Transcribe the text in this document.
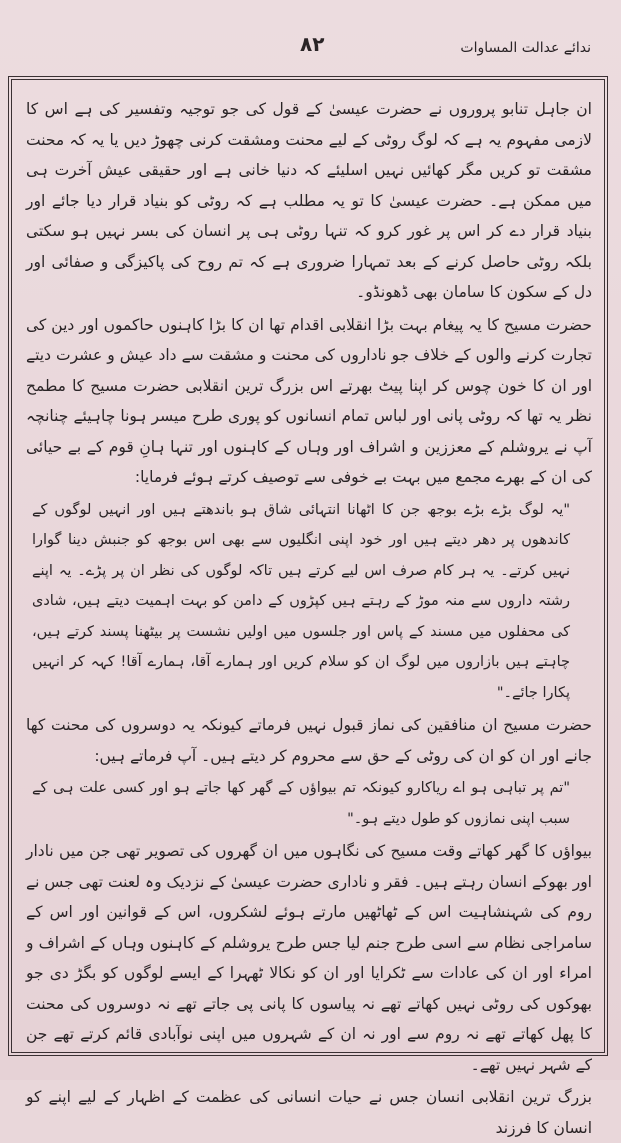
۸۲	ندائے عدالت المساوات

ان جاہل تنابو پروروں نے حضرت عیسیٰ کے قول کی جو توجیہ وتفسیر کی ہے اس کا لازمی مفہوم یہ ہے کہ لوگ روٹی کے لیے محنت ومشقت کرنی چھوڑ دیں یا یہ کہ محنت مشقت تو کریں مگر کھائیں نہیں اسلیئے کہ دنیا خانی ہے اور حقیقی عیش آخرت ہی میں ممکن ہے۔ حضرت عیسیٰ کا تو یہ مطلب ہے کہ روٹی کو بنیاد قرار دیا جائے اور بنیاد قرار دے کر اس پر غور کرو کہ تنہا روٹی ہی پر انسان کی بسر نہیں ہو سکتی بلکہ روٹی حاصل کرنے کے بعد تمہارا ضروری ہے کہ تم روح کی پاکیزگی و صفائی اور دل کے سکون کا سامان بھی ڈھونڈو۔

حضرت مسیح کا یہ پیغام بہت بڑا انقلابی اقدام تھا ان کا بڑا کاہنوں حاکموں اور دین کی تجارت کرنے والوں کے خلاف جو ناداروں کی محنت و مشقت سے داد عیش و عشرت دیتے اور ان کا خون چوس کر اپنا پیٹ بھرتے اس بزرگ ترین انقلابی حضرت مسیح کا مطمح نظر یہ تھا کہ روٹی پانی اور لباس تمام انسانوں کو پوری طرح میسر ہونا چاہیئے چنانچہ آپ نے یروشلم کے معززین و اشراف اور وہاں کے کاہنوں اور تنہا ہانِ قوم کے بے حیائی کی ان کے بھرے مجمع میں بہت بے خوفی سے توصیف کرتے ہوئے فرمایا:

"یہ لوگ بڑے بڑے بوجھ جن کا اٹھانا انتہائی شاق ہو باندھتے ہیں اور انہیں لوگوں کے کاندھوں پر دھر دیتے ہیں اور خود اپنی انگلیوں سے بھی اس بوجھ کو جنبش دینا گوارا نہیں کرتے۔ یہ ہر کام صرف اس لیے کرتے ہیں تاکہ لوگوں کی نظر ان پر پڑے۔ یہ اپنے رشتہ داروں سے منہ موڑ کے رہتے ہیں کپڑوں کے دامن کو بہت اہمیت دیتے ہیں، شادی کی محفلوں میں مسند کے پاس اور جلسوں میں اولیں نشست پر بیٹھنا پسند کرتے ہیں، چاہتے ہیں بازاروں میں لوگ ان کو سلام کریں اور ہمارے آقا، ہمارے آقا! کہہ کر انہیں پکارا جائے۔"

حضرت مسیح ان منافقین کی نماز قبول نہیں فرماتے کیونکہ یہ دوسروں کی محنت کھا جانے اور ان کو ان کی روٹی کے حق سے محروم کر دیتے ہیں۔ آپ فرماتے ہیں:

"تم پر تباہی ہو اے ریاکارو کیونکہ تم بیواؤں کے گھر کھا جاتے ہو اور کسی علت ہی کے سبب اپنی نمازوں کو طول دیتے ہو۔"

بیواؤں کا گھر کھاتے وقت مسیح کی نگاہوں میں ان گھروں کی تصویر تھی جن میں نادار اور بھوکے انسان رہتے ہیں۔ فقر و ناداری حضرت عیسیٰ کے نزدیک وہ لعنت تھی جس نے روم کی شہنشاہیت اس کے ٹھاٹھیں مارتے ہوئے لشکروں، اس کے قوانین اور اس کے سامراجی نظام سے اسی طرح جنم لیا جس طرح یروشلم کے کاہنوں وہاں کے اشراف و امراء اور ان کی عادات سے ٹکرایا اور ان کو نکالا ٹھہرا کے ایسے لوگوں کو بگڑ دی جو بھوکوں کی روٹی نہیں کھاتے تھے نہ پیاسوں کا پانی پی جاتے تھے نہ دوسروں کی محنت کا پھل کھاتے تھے نہ روم سے اور نہ ان کے شہروں میں اپنی نوآبادی قائم کرتے تھے جن کے شہر نہیں تھے۔

بزرگ ترین انقلابی انسان جس نے حیات انسانی کی عظمت کے اظہار کے لیے اپنے کو انسان کا فرزند
